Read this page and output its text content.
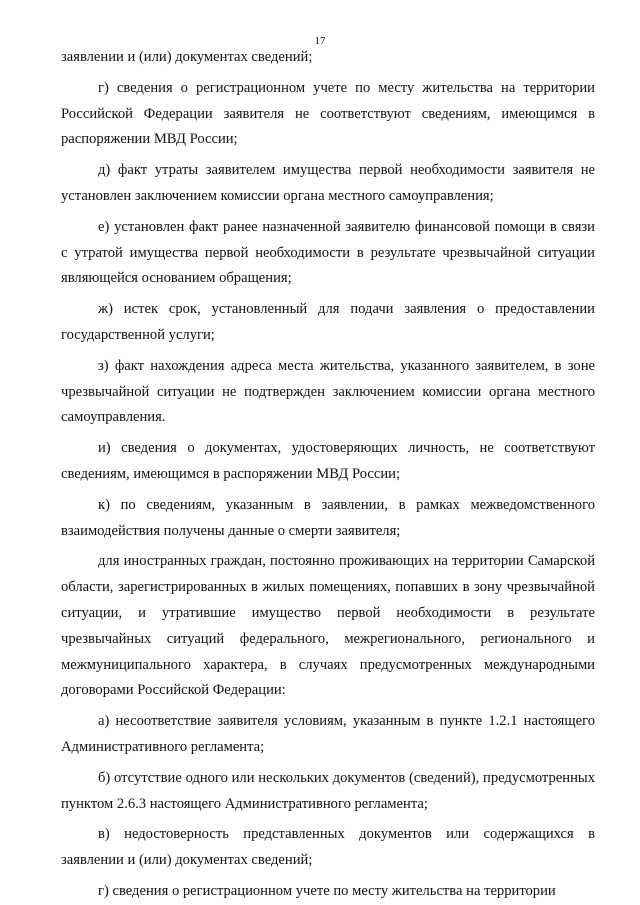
17

заявлении и (или) документах сведений;

г) сведения о регистрационном учете по месту жительства на территории Российской Федерации заявителя не соответствуют сведениям, имеющимся в распоряжении МВД России;

д) факт утраты заявителем имущества первой необходимости заявителя не установлен заключением комиссии органа местного самоуправления;

е) установлен факт ранее назначенной заявителю финансовой помощи в связи с утратой имущества первой необходимости в результате чрезвычайной ситуации являющейся основанием обращения;

ж) истек срок, установленный для подачи заявления о предоставлении государственной услуги;

з) факт нахождения адреса места жительства, указанного заявителем, в зоне чрезвычайной ситуации не подтвержден заключением комиссии органа местного самоуправления.

и) сведения о документах, удостоверяющих личность, не соответствуют сведениям, имеющимся в распоряжении МВД России;

к) по сведениям, указанным в заявлении, в рамках межведомственного взаимодействия получены данные о смерти заявителя;

для иностранных граждан, постоянно проживающих на территории Самарской области, зарегистрированных в жилых помещениях, попавших в зону чрезвычайной ситуации, и утратившие имущество первой необходимости в результате чрезвычайных ситуаций федерального, межрегионального, регионального и межмуниципального характера, в случаях предусмотренных международными договорами Российской Федерации:

а) несоответствие заявителя условиям, указанным в пункте 1.2.1 настоящего Административного регламента;

б) отсутствие одного или нескольких документов (сведений), предусмотренных пунктом 2.6.3 настоящего Административного регламента;

в) недостоверность представленных документов или содержащихся в заявлении и (или) документах сведений;

г) сведения о регистрационном учете по месту жительства на территории
